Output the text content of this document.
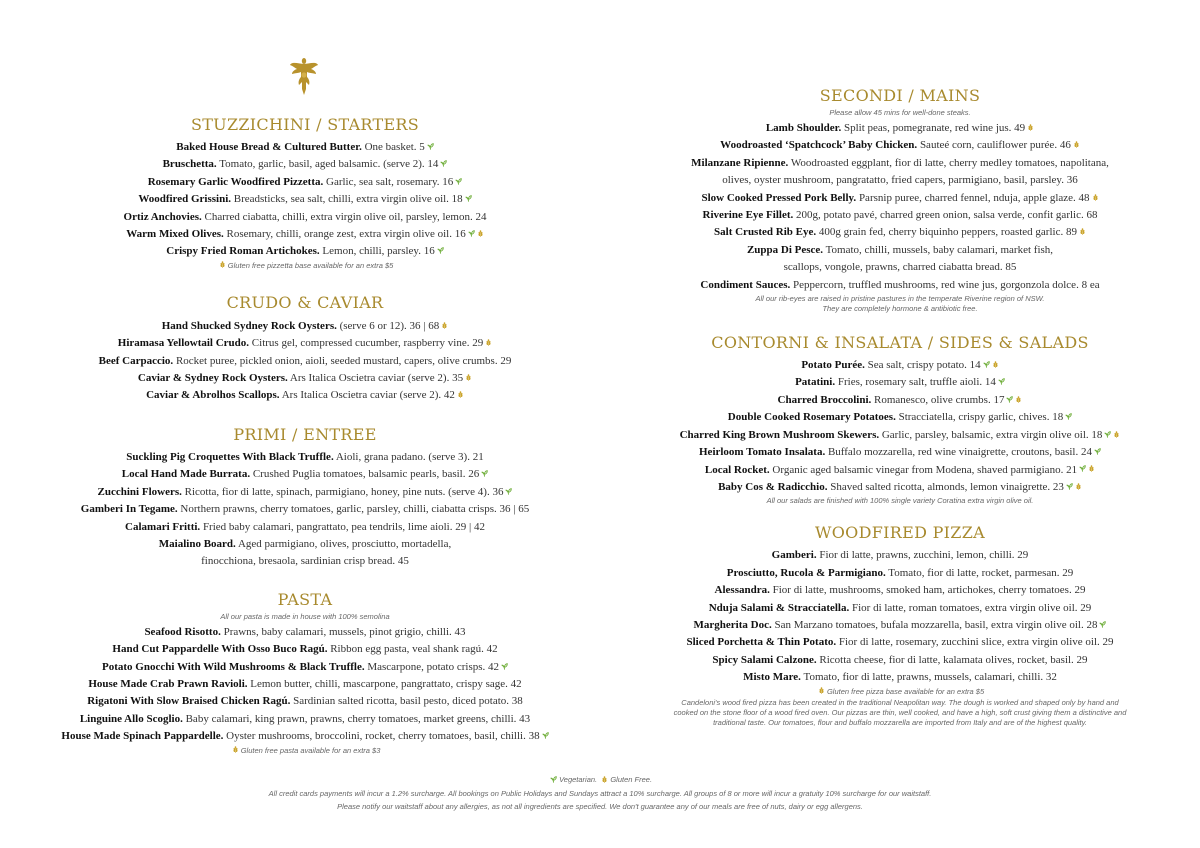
STUZZICHINI / STARTERS
Baked House Bread & Cultured Butter. One basket. 5
Bruschetta. Tomato, garlic, basil, aged balsamic. (serve 2). 14
Rosemary Garlic Woodfired Pizzetta. Garlic, sea salt, rosemary. 16
Woodfired Grissini. Breadsticks, sea salt, chilli, extra virgin olive oil. 18
Ortiz Anchovies. Charred ciabatta, chilli, extra virgin olive oil, parsley, lemon. 24
Warm Mixed Olives. Rosemary, chilli, orange zest, extra virgin olive oil. 16
Crispy Fried Roman Artichokes. Lemon, chilli, parsley. 16
Gluten free pizzetta base available for an extra $5
CRUDO & CAVIAR
Hand Shucked Sydney Rock Oysters. (serve 6 or 12). 36 | 68
Hiramasa Yellowtail Crudo. Citrus gel, compressed cucumber, raspberry vine. 29
Beef Carpaccio. Rocket puree, pickled onion, aioli, seeded mustard, capers, olive crumbs. 29
Caviar & Sydney Rock Oysters. Ars Italica Oscietra caviar (serve 2). 35
Caviar & Abrolhos Scallops. Ars Italica Oscietra caviar (serve 2). 42
PRIMI / ENTREE
Suckling Pig Croquettes With Black Truffle. Aioli, grana padano. (serve 3). 21
Local Hand Made Burrata. Crushed Puglia tomatoes, balsamic pearls, basil. 26
Zucchini Flowers. Ricotta, fior di latte, spinach, parmigiano, honey, pine nuts. (serve 4). 36
Gamberi In Tegame. Northern prawns, cherry tomatoes, garlic, parsley, chilli, ciabatta crisps. 36 | 65
Calamari Fritti. Fried baby calamari, pangrattato, pea tendrils, lime aioli. 29 | 42
Maialino Board. Aged parmigiano, olives, prosciutto, mortadella,
finocchiona, bresaola, sardinian crisp bread. 45
PASTA
All our pasta is made in house with 100% semolina
Seafood Risotto. Prawns, baby calamari, mussels, pinot grigio, chilli. 43
Hand Cut Pappardelle With Osso Buco Ragú. Ribbon egg pasta, veal shank ragú. 42
Potato Gnocchi With Wild Mushrooms & Black Truffle. Mascarpone, potato crisps. 42
House Made Crab Prawn Ravioli. Lemon butter, chilli, mascarpone, pangrattato, crispy sage. 42
Rigatoni With Slow Braised Chicken Ragú. Sardinian salted ricotta, basil pesto, diced potato. 38
Linguine Allo Scoglio. Baby calamari, king prawn, prawns, cherry tomatoes, market greens, chilli. 43
House Made Spinach Pappardelle. Oyster mushrooms, broccolini, rocket, cherry tomatoes, basil, chilli. 38
Gluten free pasta available for an extra $3
SECONDI / MAINS
Please allow 45 mins for well-done steaks.
Lamb Shoulder. Split peas, pomegranate, red wine jus. 49
Woodroasted ‘Spatchcock’ Baby Chicken. Sauteé corn, cauliflower purée. 46
Milanzane Ripienne. Woodroasted eggplant, fior di latte, cherry medley tomatoes, napolitana,
olives, oyster mushroom, pangratatto, fried capers, parmigiano, basil, parsley. 36
Slow Cooked Pressed Pork Belly. Parsnip puree, charred fennel, nduja, apple glaze. 48
Riverine Eye Fillet. 200g, potato pavé, charred green onion, salsa verde, confit garlic. 68
Salt Crusted Rib Eye. 400g grain fed, cherry biquinho peppers, roasted garlic. 89
Zuppa Di Pesce. Tomato, chilli, mussels, baby calamari, market fish,
scallops, vongole, prawns, charred ciabatta bread. 85
Condiment Sauces. Peppercorn, truffled mushrooms, red wine jus, gorgonzola dolce. 8 ea
All our rib-eyes are raised in pristine pastures in the temperate Riverine region of NSW.
They are completely hormone & antibiotic free.
CONTORNI & INSALATA / SIDES & SALADS
Potato Purée. Sea salt, crispy potato. 14
Patatini. Fries, rosemary salt, truffle aioli. 14
Charred Broccolini. Romanesco, olive crumbs. 17
Double Cooked Rosemary Potatoes. Stracciatella, crispy garlic, chives. 18
Charred King Brown Mushroom Skewers. Garlic, parsley, balsamic, extra virgin olive oil. 18
Heirloom Tomato Insalata. Buffalo mozzarella, red wine vinaigrette, croutons, basil. 24
Local Rocket. Organic aged balsamic vinegar from Modena, shaved parmigiano. 21
Baby Cos & Radicchio. Shaved salted ricotta, almonds, lemon vinaigrette. 23
All our salads are finished with 100% single variety Coratina extra virgin olive oil.
WOODFIRED PIZZA
Gamberi. Fior di latte, prawns, zucchini, lemon, chilli. 29
Prosciutto, Rucola & Parmigiano. Tomato, fior di latte, rocket, parmesan. 29
Alessandra. Fior di latte, mushrooms, smoked ham, artichokes, cherry tomatoes. 29
Nduja Salami & Stracciatella. Fior di latte, roman tomatoes, extra virgin olive oil. 29
Margherita Doc. San Marzano tomatoes, bufala mozzarella, basil, extra virgin olive oil. 28
Sliced Porchetta & Thin Potato. Fior di latte, rosemary, zucchini slice, extra virgin olive oil. 29
Spicy Salami Calzone. Ricotta cheese, fior di latte, kalamata olives, rocket, basil. 29
Misto Mare. Tomato, fior di latte, prawns, mussels, calamari, chilli. 32
Gluten free pizza base available for an extra $5
Candeloni's wood fired pizza has been created in the traditional Neapolitan way. The dough is worked and shaped only by hand and
cooked on the stone floor of a wood fired oven. Our pizzas are thin, well cooked, and have a high, soft crust giving them a distinctive and
traditional taste. Our tomatoes, flour and buffalo mozzarella are imported from Italy and are of the highest quality.
Vegetarian. Gluten Free.
All credit cards payments will incur a 1.2% surcharge. All bookings on Public Holidays and Sundays attract a 10% surcharge. All groups of 8 or more will incur a gratuity 10% surcharge for our waitstaff.
Please notify our waitstaff about any allergies, as not all ingredients are specified. We don't guarantee any of our meals are free of nuts, dairy or egg allergens.
